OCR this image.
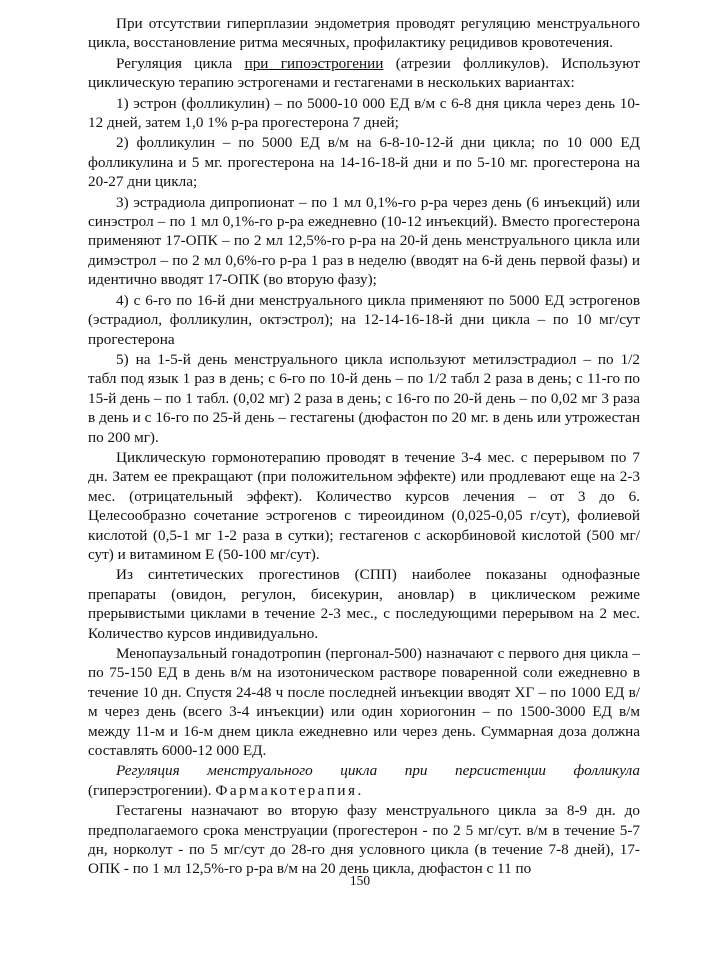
При отсутствии гиперплазии эндометрия проводят регуляцию менструального цикла, восстановление ритма месячных, профилактику рецидивов кровотечения.

Регуляция цикла при гипоэстрогении (атрезии фолликулов). Используют циклическую терапию эстрогенами и гестагенами в нескольких вариантах:

1) эстрон (фолликулин) – по 5000-10 000 ЕД в/м с 6-8 дня цикла через день 10-12 дней, затем 1,0 1% р-ра прогестерона 7 дней;

2) фолликулин – по 5000 ЕД в/м на 6-8-10-12-й дни цикла; по 10 000 ЕД фолликулина и 5 мг. прогестерона на 14-16-18-й дни и по 5-10 мг. прогестерона на 20-27 дни цикла;

3) эстрадиола дипропионат – по 1 мл 0,1%-го р-ра через день (6 инъекций) или синэстрол – по 1 мл 0,1%-го р-ра ежедневно (10-12 инъекций). Вместо прогестерона применяют 17-ОПК – по 2 мл 12,5%-го р-ра на 20-й день менструального цикла или димэстрол – по 2 мл 0,6%-го р-ра 1 раз в неделю (вводят на 6-й день первой фазы) и идентично вводят 17-ОПК (во вторую фазу);

4) с 6-го по 16-й дни менструального цикла применяют по 5000 ЕД эстрогенов (эстрадиол, фолликулин, октэстрол); на 12-14-16-18-й дни цикла – по 10 мг/сут прогестерона

5) на 1-5-й день менструального цикла используют метилэстрадиол – по 1/2 табл под язык 1 раз в день; с 6-го по 10-й день – по 1/2 табл 2 раза в день; с 11-го по 15-й день – по 1 табл. (0,02 мг) 2 раза в день; с 16-го по 20-й день – по 0,02 мг 3 раза в день и с 16-го по 25-й день – гестагены (дюфастон по 20 мг. в день или утрожестан по 200 мг).

Циклическую гормонотерапию проводят в течение 3-4 мес. с перерывом по 7 дн. Затем ее прекращают (при положительном эффекте) или продлевают еще на 2-3 мес. (отрицательный эффект). Количество курсов лечения – от 3 до 6. Целесообразно сочетание эстрогенов с тиреоидином (0,025-0,05 г/сут), фолиевой кислотой (0,5-1 мг 1-2 раза в сутки); гестагенов с аскорбиновой кислотой (500 мг/сут) и витамином Е (50-100 мг/сут).

Из синтетических прогестинов (СПП) наиболее показаны однофазные препараты (овидон, регулон, бисекурин, ановлар) в циклическом режиме прерывистыми циклами в течение 2-3 мес., с последующими перерывом на 2 мес. Количество курсов индивидуально.

Менопаузальный гонадотропин (пергонал-500) назначают с первого дня цикла – по 75-150 ЕД в день в/м на изотоническом растворе поваренной соли ежедневно в течение 10 дн. Спустя 24-48 ч после последней инъекции вводят ХГ – по 1000 ЕД в/м через день (всего 3-4 инъекции) или один хориогонин – по 1500-3000 ЕД в/м между 11-м и 16-м днем цикла ежедневно или через день. Суммарная доза должна составлять 6000-12 000 ЕД.

Регуляция менструального цикла при персистенции фолликула (гиперэстрогении). Фармакотерапия.

Гестагены назначают во вторую фазу менструального цикла за 8-9 дн. до предполагаемого срока менструации (прогестерон - по 2 5 мг/сут. в/м в течение 5-7 дн, норколут - по 5 мг/сут до 28-го дня условного цикла (в течение 7-8 дней), 17-ОПК - по 1 мл 12,5%-го р-ра в/м на 20 день цикла, дюфастон с 11 по

150
